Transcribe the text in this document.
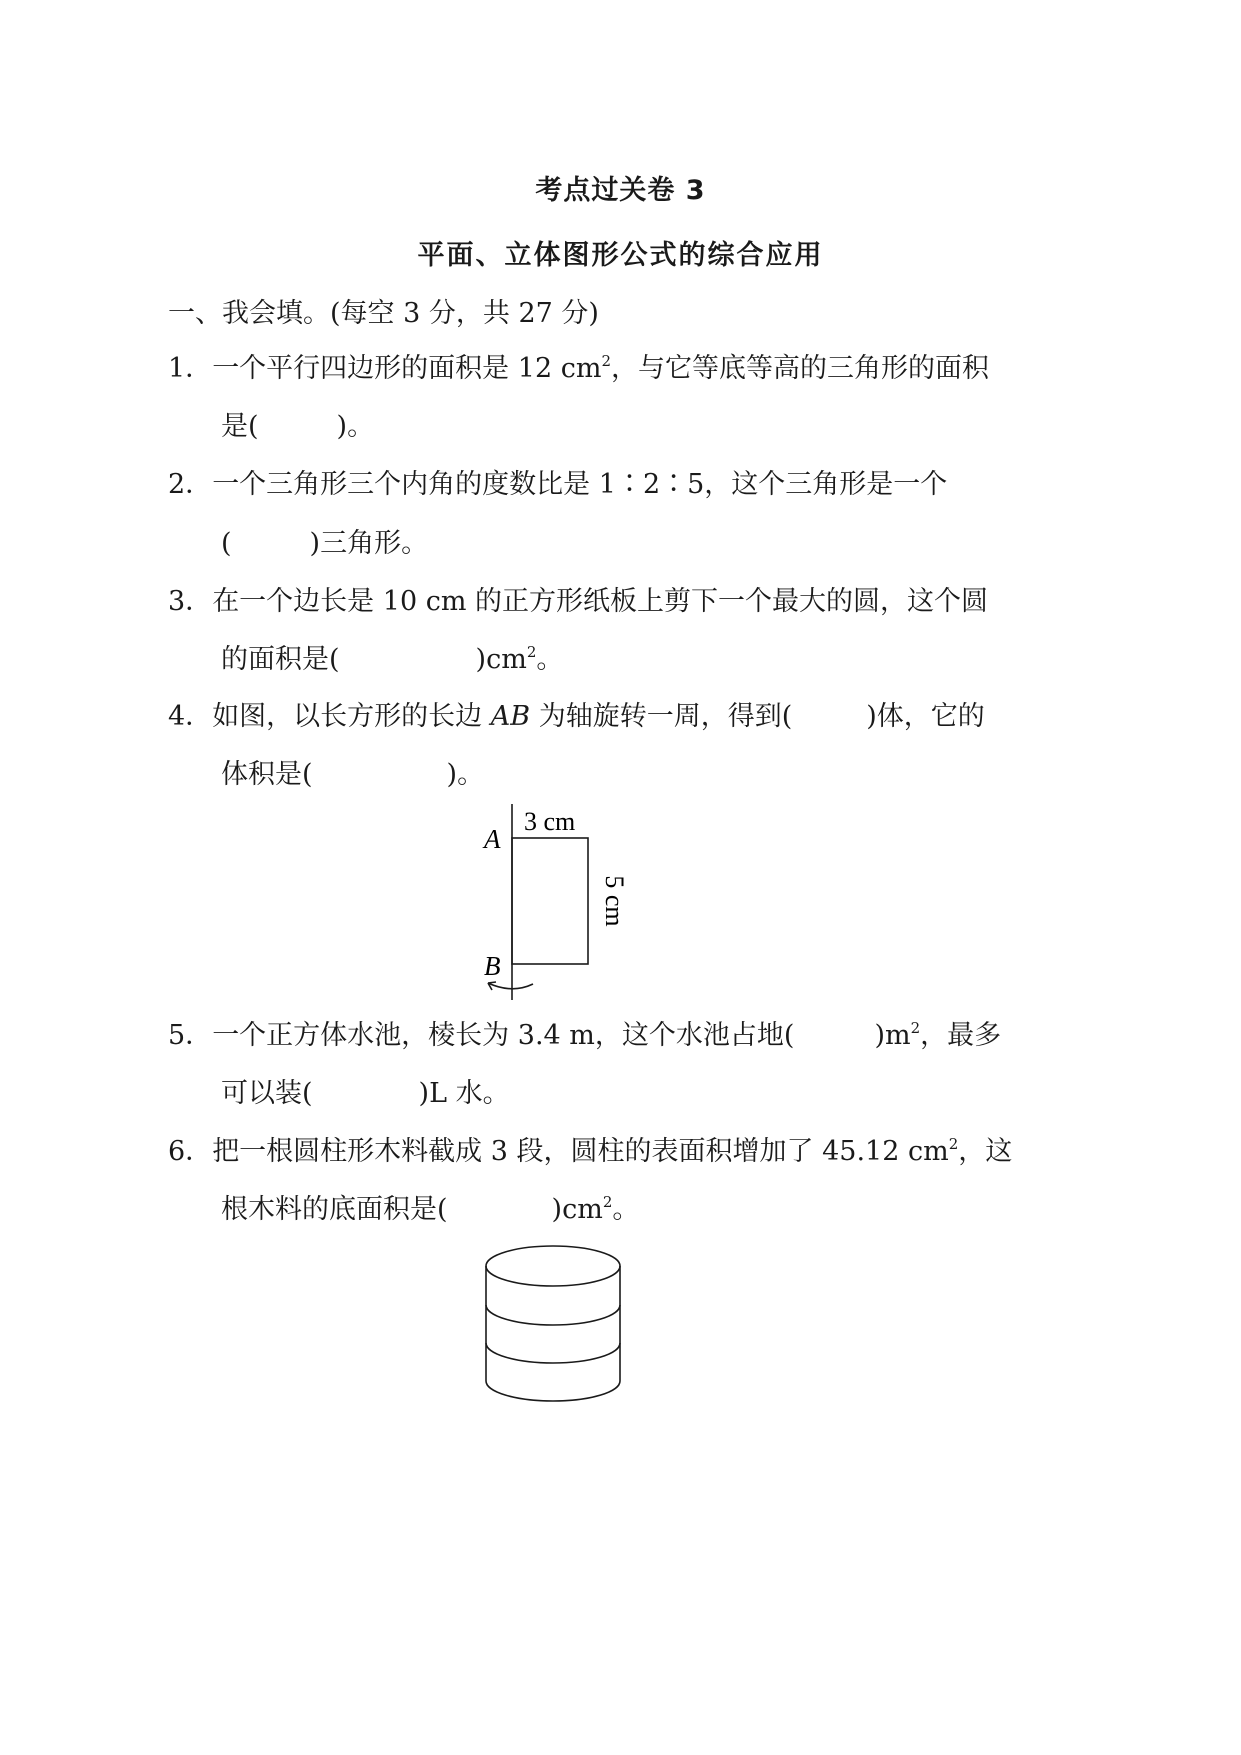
考点过关卷 3
平面、立体图形公式的综合应用
一、我会填。(每空 3 分，共 27 分)
1．一个平行四边形的面积是 12 $cm^2$，与它等底等高的三角形的面积
是(	)。
2．一个三角形三个内角的度数比是 1∶2∶5，这个三角形是一个
(	)三角形。
3．在一个边长是 10 cm 的正方形纸板上剪下一个最大的圆，这个圆
的面积是(	)$cm^2$。
4．如图，以长方形的长边 AB 为轴旋转一周，得到(	)体，它的
体积是(	)。
A
B
3 cm
5 cm
5．一个正方体水池，棱长为 3.4 m，这个水池占地(	)$m^2$，最多
可以装(	)L 水。
6．把一根圆柱形木料截成 3 段，圆柱的表面积增加了 45.12 $cm^2$，这
根木料的底面积是(	)$cm^2$。
